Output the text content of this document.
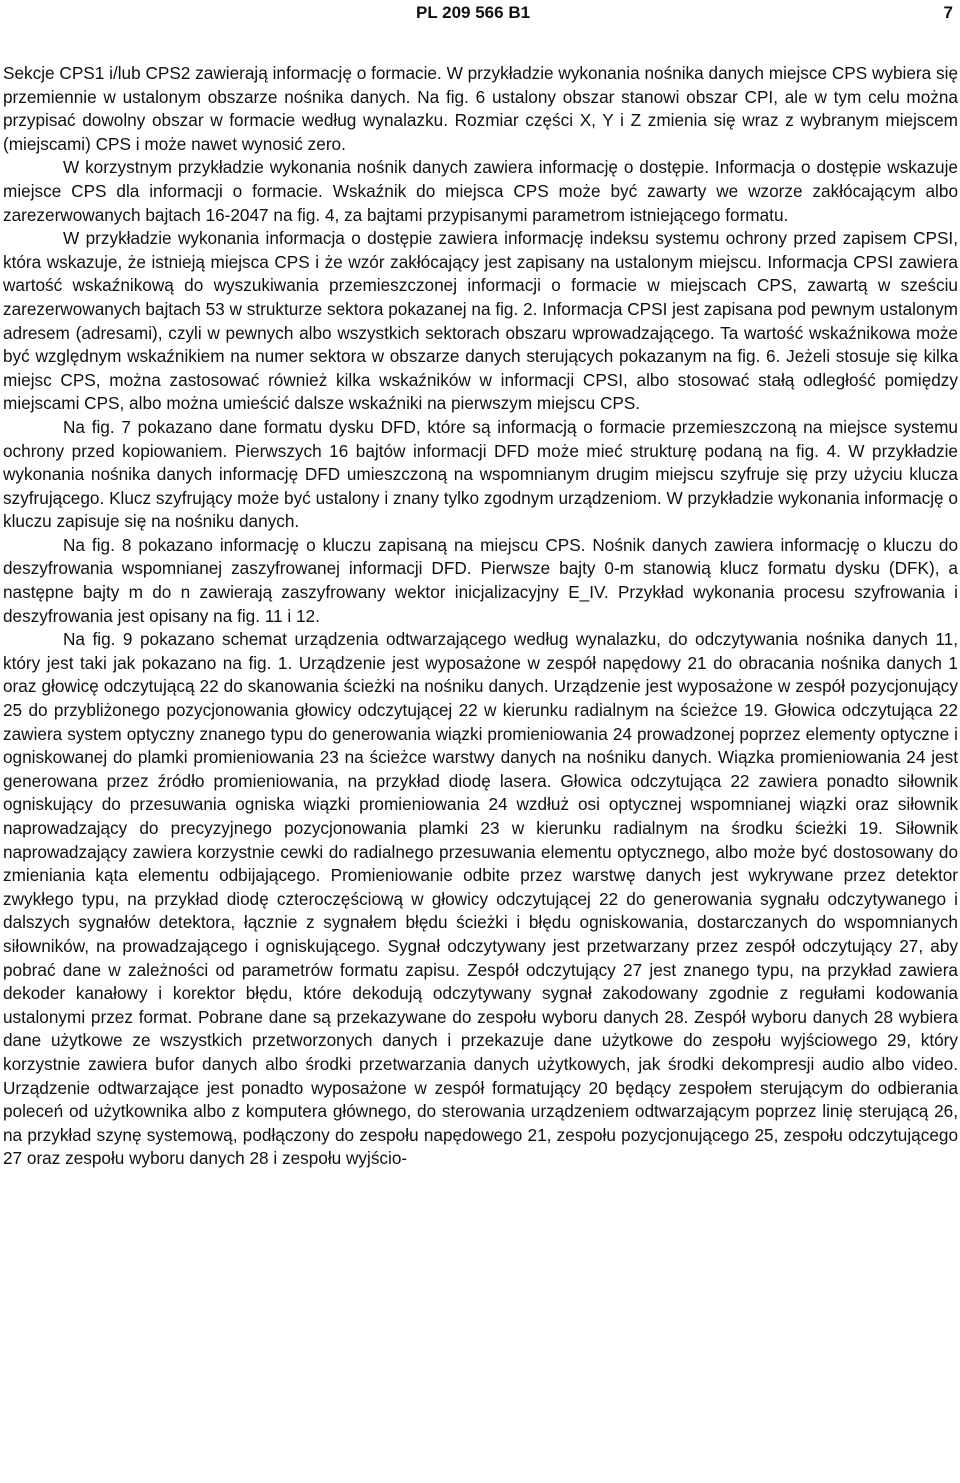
PL 209 566 B1	7

Sekcje CPS1 i/lub CPS2 zawierają informację o formacie. W przykładzie wykonania nośnika danych miejsce CPS wybiera się przemiennie w ustalonym obszarze nośnika danych. Na fig. 6 ustalony obszar stanowi obszar CPI, ale w tym celu można przypisać dowolny obszar w formacie według wynalazku. Rozmiar części X, Y i Z zmienia się wraz z wybranym miejscem (miejscami) CPS i może nawet wynosić zero.

W korzystnym przykładzie wykonania nośnik danych zawiera informację o dostępie. Informacja o dostępie wskazuje miejsce CPS dla informacji o formacie. Wskaźnik do miejsca CPS może być zawarty we wzorze zakłócającym albo zarezerwowanych bajtach 16-2047 na fig. 4, za bajtami przypisanymi parametrom istniejącego formatu.

W przykładzie wykonania informacja o dostępie zawiera informację indeksu systemu ochrony przed zapisem CPSI, która wskazuje, że istnieją miejsca CPS i że wzór zakłócający jest zapisany na ustalonym miejscu. Informacja CPSI zawiera wartość wskaźnikową do wyszukiwania przemieszczonej informacji o formacie w miejscach CPS, zawartą w sześciu zarezerwowanych bajtach 53 w strukturze sektora pokazanej na fig. 2. Informacja CPSI jest zapisana pod pewnym ustalonym adresem (adresami), czyli w pewnych albo wszystkich sektorach obszaru wprowadzającego. Ta wartość wskaźnikowa może być względnym wskaźnikiem na numer sektora w obszarze danych sterujących pokazanym na fig. 6. Jeżeli stosuje się kilka miejsc CPS, można zastosować również kilka wskaźników w informacji CPSI, albo stosować stałą odległość pomiędzy miejscami CPS, albo można umieścić dalsze wskaźniki na pierwszym miejscu CPS.

Na fig. 7 pokazano dane formatu dysku DFD, które są informacją o formacie przemieszczoną na miejsce systemu ochrony przed kopiowaniem. Pierwszych 16 bajtów informacji DFD może mieć strukturę podaną na fig. 4. W przykładzie wykonania nośnika danych informację DFD umieszczoną na wspomnianym drugim miejscu szyfruje się przy użyciu klucza szyfrującego. Klucz szyfrujący może być ustalony i znany tylko zgodnym urządzeniom. W przykładzie wykonania informację o kluczu zapisuje się na nośniku danych.

Na fig. 8 pokazano informację o kluczu zapisaną na miejscu CPS. Nośnik danych zawiera informację o kluczu do deszyfrowania wspomnianej zaszyfrowanej informacji DFD. Pierwsze bajty 0-m stanowią klucz formatu dysku (DFK), a następne bajty m do n zawierają zaszyfrowany wektor inicjalizacyjny E_IV. Przykład wykonania procesu szyfrowania i deszyfrowania jest opisany na fig. 11 i 12.

Na fig. 9 pokazano schemat urządzenia odtwarzającego według wynalazku, do odczytywania nośnika danych 11, który jest taki jak pokazano na fig. 1. Urządzenie jest wyposażone w zespół napędowy 21 do obracania nośnika danych 1 oraz głowicę odczytującą 22 do skanowania ścieżki na nośniku danych. Urządzenie jest wyposażone w zespół pozycjonujący 25 do przybliżonego pozycjonowania głowicy odczytującej 22 w kierunku radialnym na ścieżce 19. Głowica odczytująca 22 zawiera system optyczny znanego typu do generowania wiązki promieniowania 24 prowadzonej poprzez elementy optyczne i ogniskowanej do plamki promieniowania 23 na ścieżce warstwy danych na nośniku danych. Wiązka promieniowania 24 jest generowana przez źródło promieniowania, na przykład diodę lasera. Głowica odczytująca 22 zawiera ponadto siłownik ogniskujący do przesuwania ogniska wiązki promieniowania 24 wzdłuż osi optycznej wspomnianej wiązki oraz siłownik naprowadzający do precyzyjnego pozycjonowania plamki 23 w kierunku radialnym na środku ścieżki 19. Siłownik naprowadzający zawiera korzystnie cewki do radialnego przesuwania elementu optycznego, albo może być dostosowany do zmieniania kąta elementu odbijającego. Promieniowanie odbite przez warstwę danych jest wykrywane przez detektor zwykłego typu, na przykład diodę czteroczęściową w głowicy odczytującej 22 do generowania sygnału odczytywanego i dalszych sygnałów detektora, łącznie z sygnałem błędu ścieżki i błędu ogniskowania, dostarczanych do wspomnianych siłowników, na prowadzającego i ogniskującego. Sygnał odczytywany jest przetwarzany przez zespół odczytujący 27, aby pobrać dane w zależności od parametrów formatu zapisu. Zespół odczytujący 27 jest znanego typu, na przykład zawiera dekoder kanałowy i korektor błędu, które dekodują odczytywany sygnał zakodowany zgodnie z regułami kodowania ustalonymi przez format. Pobrane dane są przekazywane do zespołu wyboru danych 28. Zespół wyboru danych 28 wybiera dane użytkowe ze wszystkich przetworzonych danych i przekazuje dane użytkowe do zespołu wyjściowego 29, który korzystnie zawiera bufor danych albo środki przetwarzania danych użytkowych, jak środki dekompresji audio albo video. Urządzenie odtwarzające jest ponadto wyposażone w zespół formatujący 20 będący zespołem sterującym do odbierania poleceń od użytkownika albo z komputera głównego, do sterowania urządzeniem odtwarzającym poprzez linię sterującą 26, na przykład szynę systemową, podłączony do zespołu napędowego 21, zespołu pozycjonującego 25, zespołu odczytującego 27 oraz zespołu wyboru danych 28 i zespołu wyjścio-
